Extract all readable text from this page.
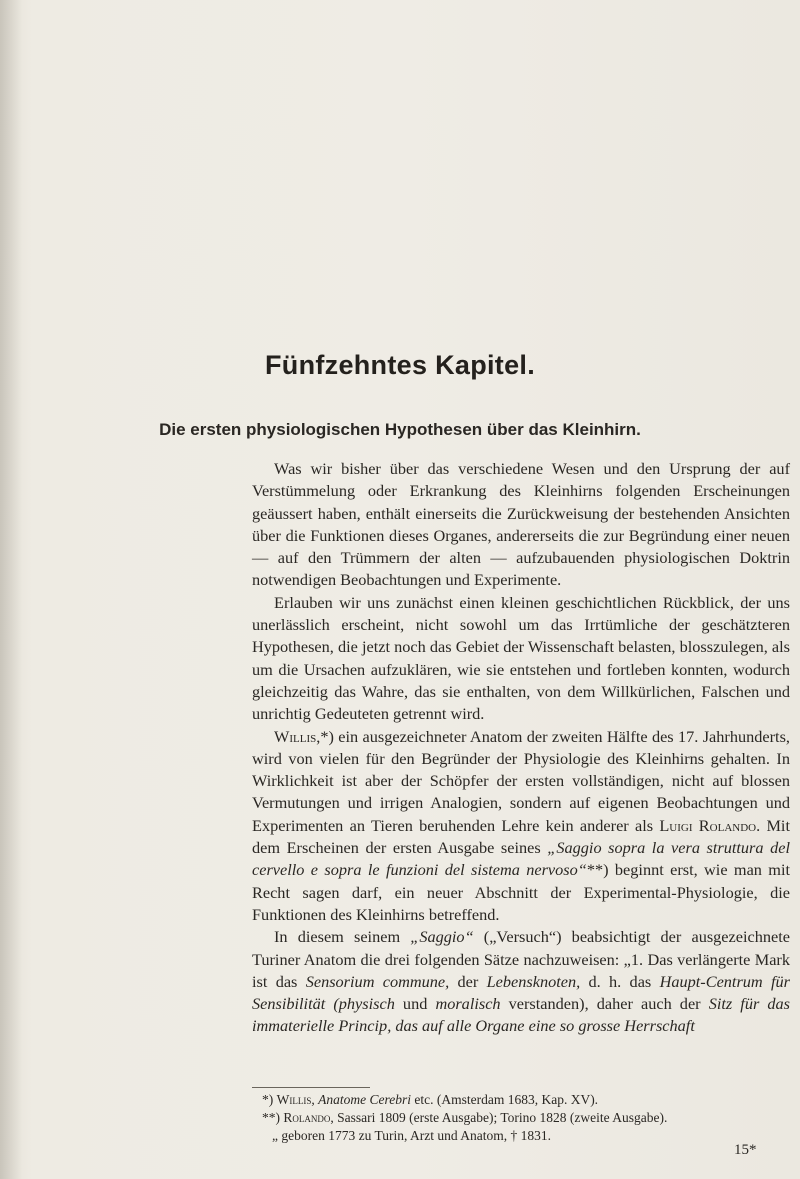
Fünfzehntes Kapitel.
Die ersten physiologischen Hypothesen über das Kleinhirn.

Was wir bisher über das verschiedene Wesen und den Ursprung der auf Verstümmelung oder Erkrankung des Kleinhirns folgenden Erscheinungen geäussert haben, enthält einerseits die Zurückweisung der bestehenden Ansichten über die Funktionen dieses Organes, andererseits die zur Begründung einer neuen — auf den Trümmern der alten — aufzubauenden physiologischen Doktrin notwendigen Beobachtungen und Experimente.

Erlauben wir uns zunächst einen kleinen geschichtlichen Rückblick, der uns unerlässlich erscheint, nicht sowohl um das Irrtümliche der geschätzteren Hypothesen, die jetzt noch das Gebiet der Wissenschaft belasten, blosszulegen, als um die Ursachen aufzuklären, wie sie entstehen und fortleben konnten, wodurch gleichzeitig das Wahre, das sie enthalten, von dem Willkürlichen, Falschen und unrichtig Gedeuteten getrennt wird.

Willis,*) ein ausgezeichneter Anatom der zweiten Hälfte des 17. Jahrhunderts, wird von vielen für den Begründer der Physiologie des Kleinhirns gehalten. In Wirklichkeit ist aber der Schöpfer der ersten vollständigen, nicht auf blossen Vermutungen und irrigen Analogien, sondern auf eigenen Beobachtungen und Experimenten an Tieren beruhenden Lehre kein anderer als Luigi Rolando. Mit dem Erscheinen der ersten Ausgabe seines „Saggio sopra la vera struttura del cervello e sopra le funzioni del sistema nervoso“**) beginnt erst, wie man mit Recht sagen darf, ein neuer Abschnitt der Experimental-Physiologie, die Funktionen des Kleinhirns betreffend.

In diesem seinem „Saggio“ („Versuch“) beabsichtigt der ausgezeichnete Turiner Anatom die drei folgenden Sätze nachzuweisen: „1. Das verlängerte Mark ist das Sensorium commune, der Lebensknoten, d. h. das Haupt-Centrum für Sensibilität (physisch und moralisch verstanden), daher auch der Sitz für das immaterielle Princip, das auf alle Organe eine so grosse Herrschaft

*) Willis, Anatome Cerebri etc. (Amsterdam 1683, Kap. XV).
**) Rolando, Sassari 1809 (erste Ausgabe); Torino 1828 (zweite Ausgabe).
„ geboren 1773 zu Turin, Arzt und Anatom, † 1831.
15*
